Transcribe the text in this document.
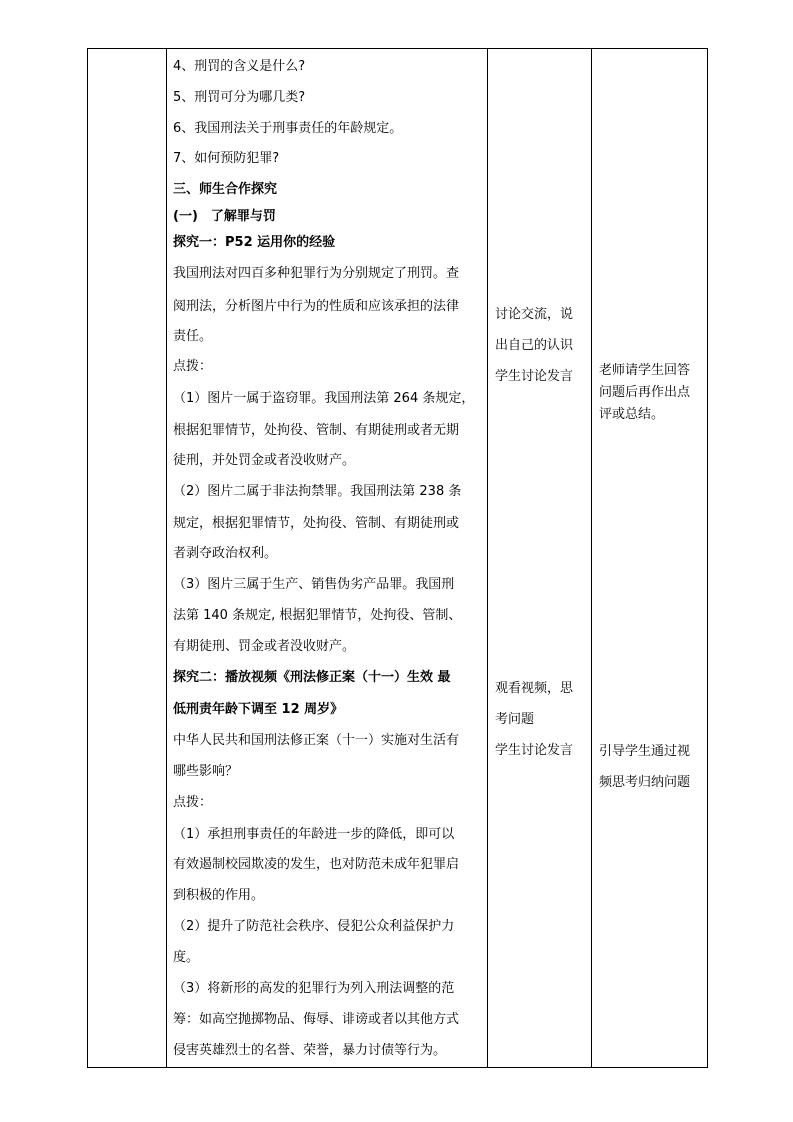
4、刑罚的含义是什么?
5、刑罚可分为哪几类?
6、我国刑法关于刑事责任的年龄规定。
7、如何预防犯罪?
三、师生合作探究
(一)　了解罪与罚
探究一：P52 运用你的经验
我国刑法对四百多种犯罪行为分别规定了刑罚。查
阅刑法，分析图片中行为的性质和应该承担的法律
责任。
点拨：
（1）图片一属于盗窃罪。我国刑法第 264 条规定，
根据犯罪情节，处拘役、管制、有期徒刑或者无期
徒刑，并处罚金或者没收财产。
（2）图片二属于非法拘禁罪。我国刑法第 238 条
规定，根据犯罪情节，处拘役、管制、有期徒刑或
者剥夺政治权利。
（3）图片三属于生产、销售伪劣产品罪。我国刑
法第 140 条规定, 根据犯罪情节，处拘役、管制、
有期徒刑、罚金或者没收财产。
探究二：播放视频《刑法修正案（十一）生效 最
低刑责年龄下调至 12 周岁》
中华人民共和国刑法修正案（十一）实施对生活有
哪些影响？
点拨：
（1）承担刑事责任的年龄进一步的降低，即可以
有效遏制校园欺凌的发生，也对防范未成年犯罪启
到积极的作用。
（2）提升了防范社会秩序、侵犯公众利益保护力
度。
（3）将新形的高发的犯罪行为列入刑法调整的范
筹：如高空抛掷物品、侮辱、诽谤或者以其他方式
侵害英雄烈士的名誉、荣誉，暴力讨债等行为。
讨论交流，说
出自己的认识
学生讨论发言
观看视频，思
考问题
学生讨论发言
老师请学生回答
问题后再作出点
评或总结。
引导学生通过视
频思考归纳问题
